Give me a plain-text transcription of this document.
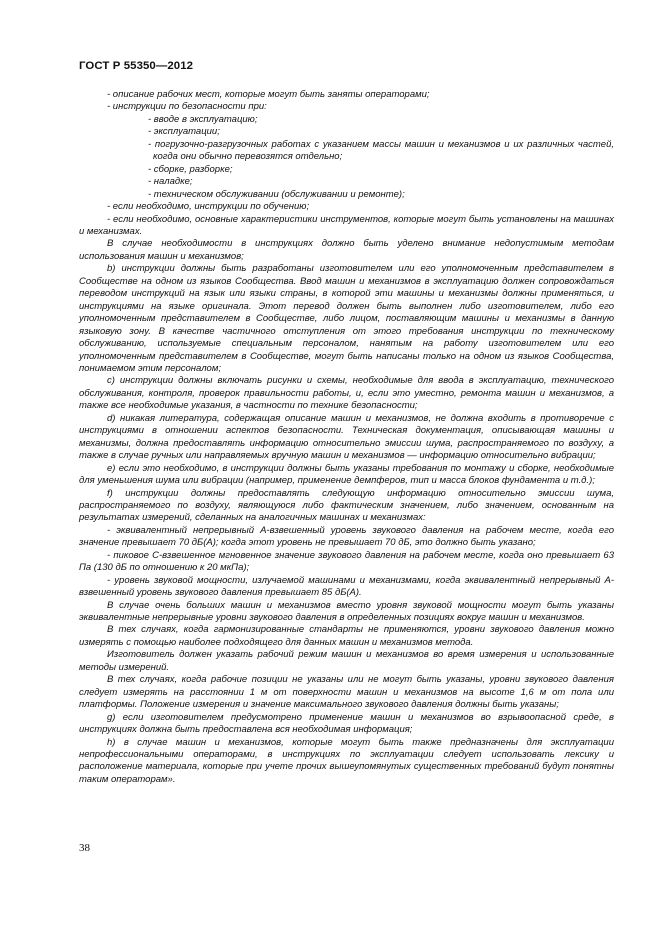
ГОСТ Р 55350—2012

- описание рабочих мест, которые могут быть заняты операторами;

- инструкции по безопасности при:

- вводе в эксплуатацию;

- эксплуатации;

- погрузочно-разгрузочных работах с указанием массы машин и механизмов и их различных частей, когда они обычно перевозятся отдельно;

- сборке, разборке;

- наладке;

- техническом обслуживании (обслуживании и ремонте);

- если необходимо, инструкции по обучению;

- если необходимо, основные характеристики инструментов, которые могут быть установлены на машинах и механизмах.

В случае необходимости в инструкциях должно быть уделено внимание недопустимым методам использования машин и механизмов;

b) инструкции должны быть разработаны изготовителем или его уполномоченным представителем в Сообществе на одном из языков Сообщества. Ввод машин и механизмов в эксплуатацию должен сопровождаться переводом инструкций на язык или языки страны, в которой эти машины и механизмы должны применяться, и инструкциями на языке оригинала. Этот перевод должен быть выполнен либо изготовителем, либо его уполномоченным представителем в Сообществе, либо лицом, поставляющим машины и механизмы в данную языковую зону. В качестве частичного отступления от этого требования инструкции по техническому обслуживанию, используемые специальным персоналом, нанятым на работу изготовителем или его уполномоченным представителем в Сообществе, могут быть написаны только на одном из языков Сообщества, понимаемом этим персоналом;

c) инструкции должны включать рисунки и схемы, необходимые для ввода в эксплуатацию, технического обслуживания, контроля, проверок правильности работы, и, если это уместно, ремонта машин и механизмов, а также все необходимые указания, в частности по технике безопасности;

d) никакая литература, содержащая описание машин и механизмов, не должна входить в противоречие с инструкциями в отношении аспектов безопасности. Техническая документация, описывающая машины и механизмы, должна предоставлять информацию относительно эмиссии шума, распространяемого по воздуху, а также в случае ручных или направляемых вручную машин и механизмов — информацию относительно вибрации;

e) если это необходимо, в инструкции должны быть указаны требования по монтажу и сборке, необходимые для уменьшения шума или вибрации (например, применение демпферов, тип и масса блоков фундамента и т.д.);

f) инструкции должны предоставлять следующую информацию относительно эмиссии шума, распространяемого по воздуху, являющуюся либо фактическим значением, либо значением, основанным на результатах измерений, сделанных на аналогичных машинах и механизмах:

- эквивалентный непрерывный А-взвешенный уровень звукового давления на рабочем месте, когда его значение превышает 70 дБ(А); когда этот уровень не превышает 70 дБ, это должно быть указано;

- пиковое С-взвешенное мгновенное значение звукового давления на рабочем месте, когда оно превышает 63 Па (130 дБ по отношению к 20 мкПа);

- уровень звуковой мощности, излучаемой машинами и механизмами, когда эквивалентный непрерывный А-взвешенный уровень звукового давления превышает 85 дБ(А).

В случае очень больших машин и механизмов вместо уровня звуковой мощности могут быть указаны эквивалентные непрерывные уровни звукового давления в определенных позициях вокруг машин и механизмов.

В тех случаях, когда гармонизированные стандарты не применяются, уровни звукового давления можно измерять с помощью наиболее подходящего для данных машин и механизмов метода.

Изготовитель должен указать рабочий режим машин и механизмов во время измерения и использованные методы измерений.

В тех случаях, когда рабочие позиции не указаны или не могут быть указаны, уровни звукового давления следует измерять на расстоянии 1 м от поверхности машин и механизмов на высоте 1,6 м от пола или платформы. Положение измерения и значение максимального звукового давления должны быть указаны;

g) если изготовителем предусмотрено применение машин и механизмов во взрывоопасной среде, в инструкциях должна быть предоставлена вся необходимая информация;

h) в случае машин и механизмов, которые могут быть также предназначены для эксплуатации непрофессиональными операторами, в инструкциях по эксплуатации следует использовать лексику и расположение материала, которые при учете прочих вышеупомянутых существенных требований будут понятны таким операторам».

38
